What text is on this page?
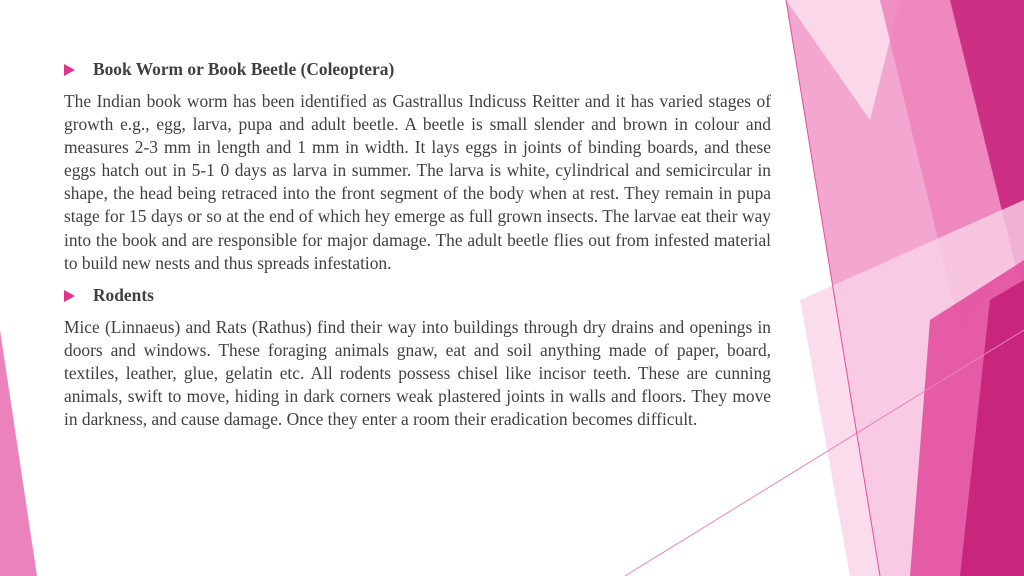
Book Worm or Book Beetle (Coleoptera)

The Indian book worm has been identified as Gastrallus Indicuss Reitter and it has varied stages of growth e.g., egg, larva, pupa and adult beetle. A beetle is small slender and brown in colour and measures 2-3 mm in length and 1 mm in width. It lays eggs in joints of binding boards, and these eggs hatch out in 5-1 0 days as larva in summer. The larva is white, cylindrical and semicircular in shape, the head being retraced into the front segment of the body when at rest. They remain in pupa stage for 15 days or so at the end of which hey emerge as full grown insects. The larvae eat their way into the book and are responsible for major damage. The adult beetle flies out from infested material to build new nests and thus spreads infestation.

Rodents

Mice (Linnaeus) and Rats (Rathus) find their way into buildings through dry drains and openings in doors and windows. These foraging animals gnaw, eat and soil anything made of paper, board, textiles, leather, glue, gelatin etc. All rodents possess chisel like incisor teeth. These are cunning animals, swift to move, hiding in dark corners weak plastered joints in walls and floors. They move in darkness, and cause damage. Once they enter a room their eradication becomes difficult.
